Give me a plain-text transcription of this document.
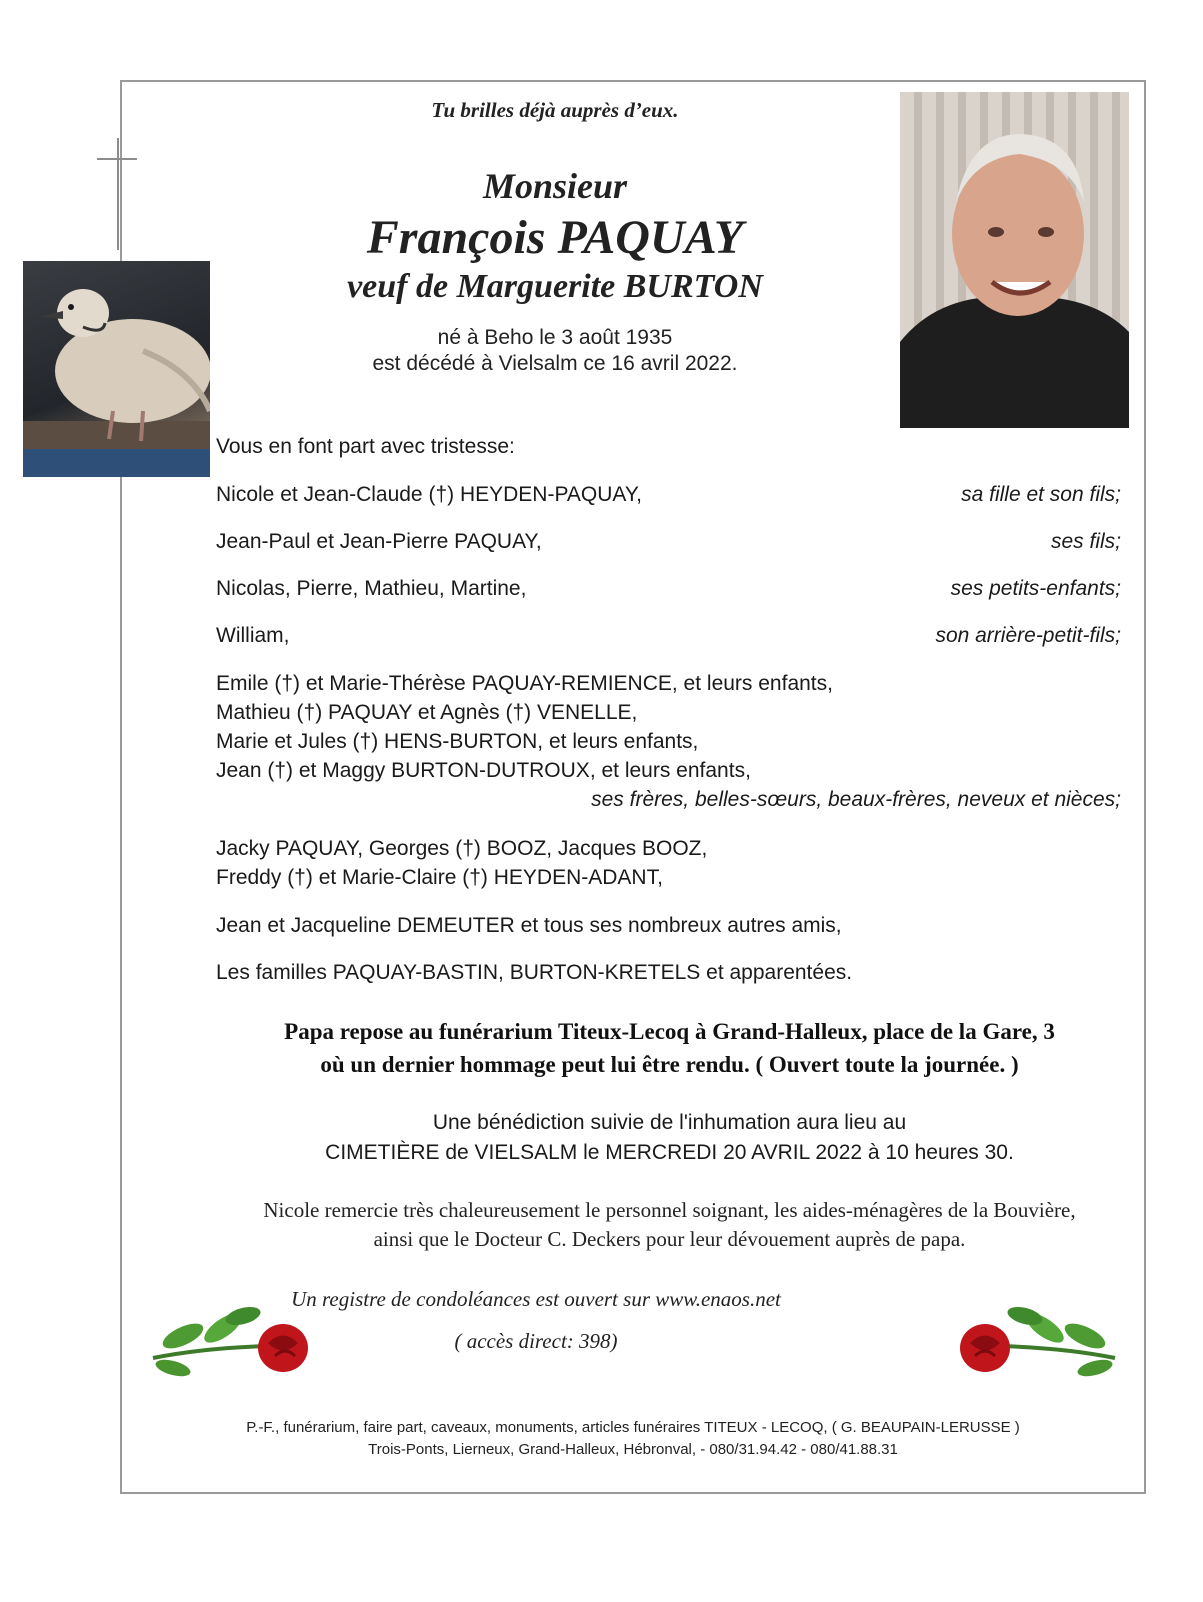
Tu brilles déjà auprès d’eux.
Monsieur
François PAQUAY
veuf de Marguerite BURTON
né à Beho le 3 août 1935
est décédé à Vielsalm ce 16 avril 2022.
Vous en font part avec tristesse:
Nicole et Jean-Claude (†) HEYDEN-PAQUAY,	sa fille et son fils;
Jean-Paul et Jean-Pierre PAQUAY,	ses fils;
Nicolas, Pierre, Mathieu, Martine,	ses petits-enfants;
William,	son arrière-petit-fils;
Emile (†) et Marie-Thérèse PAQUAY-REMIENCE, et leurs enfants,
Mathieu (†) PAQUAY et Agnès (†) VENELLE,
Marie et Jules (†) HENS-BURTON, et leurs enfants,
Jean (†) et Maggy BURTON-DUTROUX, et leurs enfants,
ses frères, belles-sœurs, beaux-frères, neveux et nièces;
Jacky PAQUAY, Georges (†) BOOZ, Jacques BOOZ,
Freddy (†) et Marie-Claire (†) HEYDEN-ADANT,
Jean et Jacqueline DEMEUTER et tous ses nombreux autres amis,
Les familles PAQUAY-BASTIN, BURTON-KRETELS et apparentées.
Papa repose au funérarium Titeux-Lecoq à Grand-Halleux, place de la Gare, 3
où un dernier hommage peut lui être rendu. ( Ouvert toute la journée. )
Une bénédiction suivie de l'inhumation aura lieu au
CIMETIÈRE de VIELSALM le MERCREDI 20 AVRIL 2022 à 10 heures 30.
Nicole remercie très chaleureusement le personnel soignant, les aides-ménagères de la Bouvière,
ainsi que le Docteur C. Deckers pour leur dévouement auprès de papa.
Un registre de condoléances est ouvert sur www.enaos.net
( accès direct: 398)
P.-F., funérarium, faire part, caveaux, monuments, articles funéraires TITEUX - LECOQ, ( G. BEAUPAIN-LERUSSE )
Trois-Ponts, Lierneux, Grand-Halleux, Hébronval, - 080/31.94.42 - 080/41.88.31
